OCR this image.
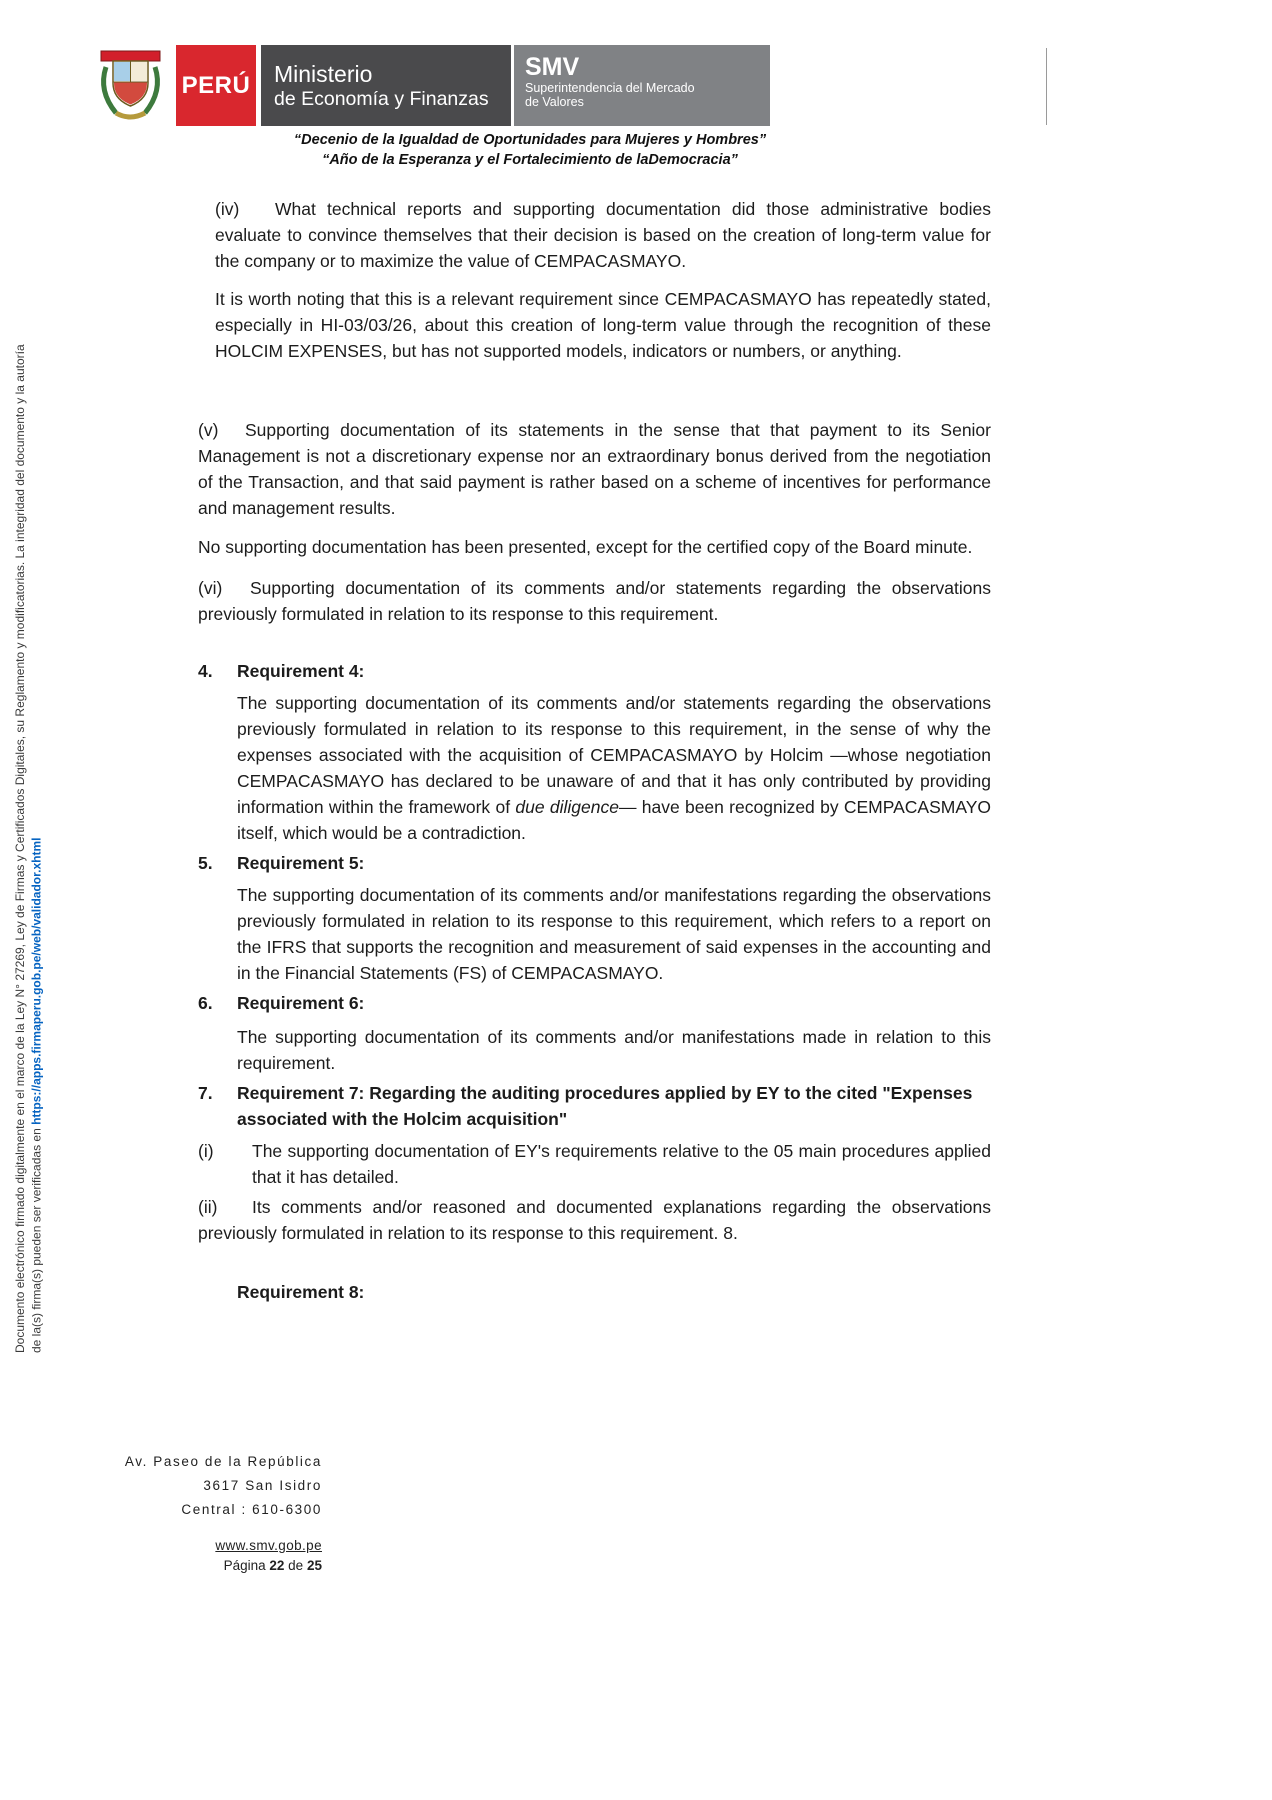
Documento electrónico firmado digitalmente en el marco de la Ley N° 27269, Ley de Firmas y Certificados Digitales, su Reglamento y modificatorias. La integridad del documento y la autoría de la(s) firma(s) pueden ser verificadas en https://apps.firmaperu.gob.pe/web/validador.xhtml
PERÚ Ministerio
de Economía y Finanzas
SMV
Superintendencia del Mercado
de Valores
“Decenio de la Igualdad de Oportunidades para Mujeres y Hombres”
“Año de la Esperanza y el Fortalecimiento de laDemocracia”

(iv) What technical reports and supporting documentation did those administrative bodies evaluate to convince themselves that their decision is based on the creation of long-term value for the company or to maximize the value of CEMPACASMAYO.

It is worth noting that this is a relevant requirement since CEMPACASMAYO has repeatedly stated, especially in HI-03/03/26, about this creation of long-term value through the recognition of these HOLCIM EXPENSES, but has not supported models, indicators or numbers, or anything.

(v) Supporting documentation of its statements in the sense that that payment to its Senior Management is not a discretionary expense nor an extraordinary bonus derived from the negotiation of the Transaction, and that said payment is rather based on a scheme of incentives for performance and management results.

No supporting documentation has been presented, except for the certified copy of the Board minute.

(vi) Supporting documentation of its comments and/or statements regarding the observations previously formulated in relation to its response to this requirement.

4.	Requirement 4:

The supporting documentation of its comments and/or statements regarding the observations previously formulated in relation to its response to this requirement, in the sense of why the expenses associated with the acquisition of CEMPACASMAYO by Holcim —whose negotiation CEMPACASMAYO has declared to be unaware of and that it has only contributed by providing information within the framework of due diligence— have been recognized by CEMPACASMAYO itself, which would be a contradiction.

5.	Requirement 5:

The supporting documentation of its comments and/or manifestations regarding the observations previously formulated in relation to its response to this requirement, which refers to a report on the IFRS that supports the recognition and measurement of said expenses in the accounting and in the Financial Statements (FS) of CEMPACASMAYO.

6.	Requirement 6:

The supporting documentation of its comments and/or manifestations made in relation to this requirement.

7.	Requirement 7: Regarding the auditing procedures applied by EY to the cited "Expenses associated with the Holcim acquisition"

(i) The supporting documentation of EY's requirements relative to the 05 main procedures applied that it has detailed.

(ii) Its comments and/or reasoned and documented explanations regarding the observations previously formulated in relation to its response to this requirement. 8.

Requirement 8:
Av. Paseo de la República
3617 San Isidro
Central : 610-6300
www.smv.gob.pe
Página 22 de 25
